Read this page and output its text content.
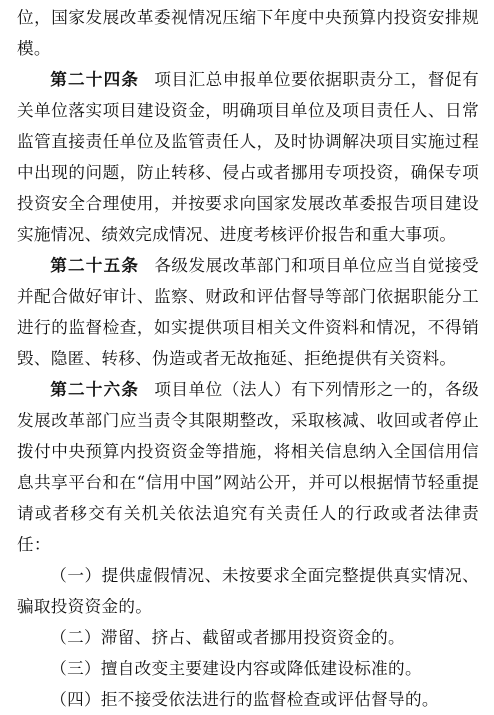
位，国家发展改革委视情况压缩下年度中央预算内投资安排规模。

第二十四条 项目汇总申报单位要依据职责分工，督促有关单位落实项目建设资金，明确项目单位及项目责任人、日常监管直接责任单位及监管责任人，及时协调解决项目实施过程中出现的问题，防止转移、侵占或者挪用专项投资，确保专项投资安全合理使用，并按要求向国家发展改革委报告项目建设实施情况、绩效完成情况、进度考核评价报告和重大事项。

第二十五条 各级发展改革部门和项目单位应当自觉接受并配合做好审计、监察、财政和评估督导等部门依据职能分工进行的监督检查，如实提供项目相关文件资料和情况，不得销毁、隐匿、转移、伪造或者无故拖延、拒绝提供有关资料。

第二十六条 项目单位（法人）有下列情形之一的，各级发展改革部门应当责令其限期整改，采取核减、收回或者停止拨付中央预算内投资资金等措施，将相关信息纳入全国信用信息共享平台和在“信用中国”网站公开，并可以根据情节轻重提请或者移交有关机关依法追究有关责任人的行政或者法律责任：

（一）提供虚假情况、未按要求全面完整提供真实情况、骗取投资资金的。

（二）滞留、挤占、截留或者挪用投资资金的。

（三）擅自改变主要建设内容或降低建设标准的。

（四）拒不接受依法进行的监督检查或评估督导的。
